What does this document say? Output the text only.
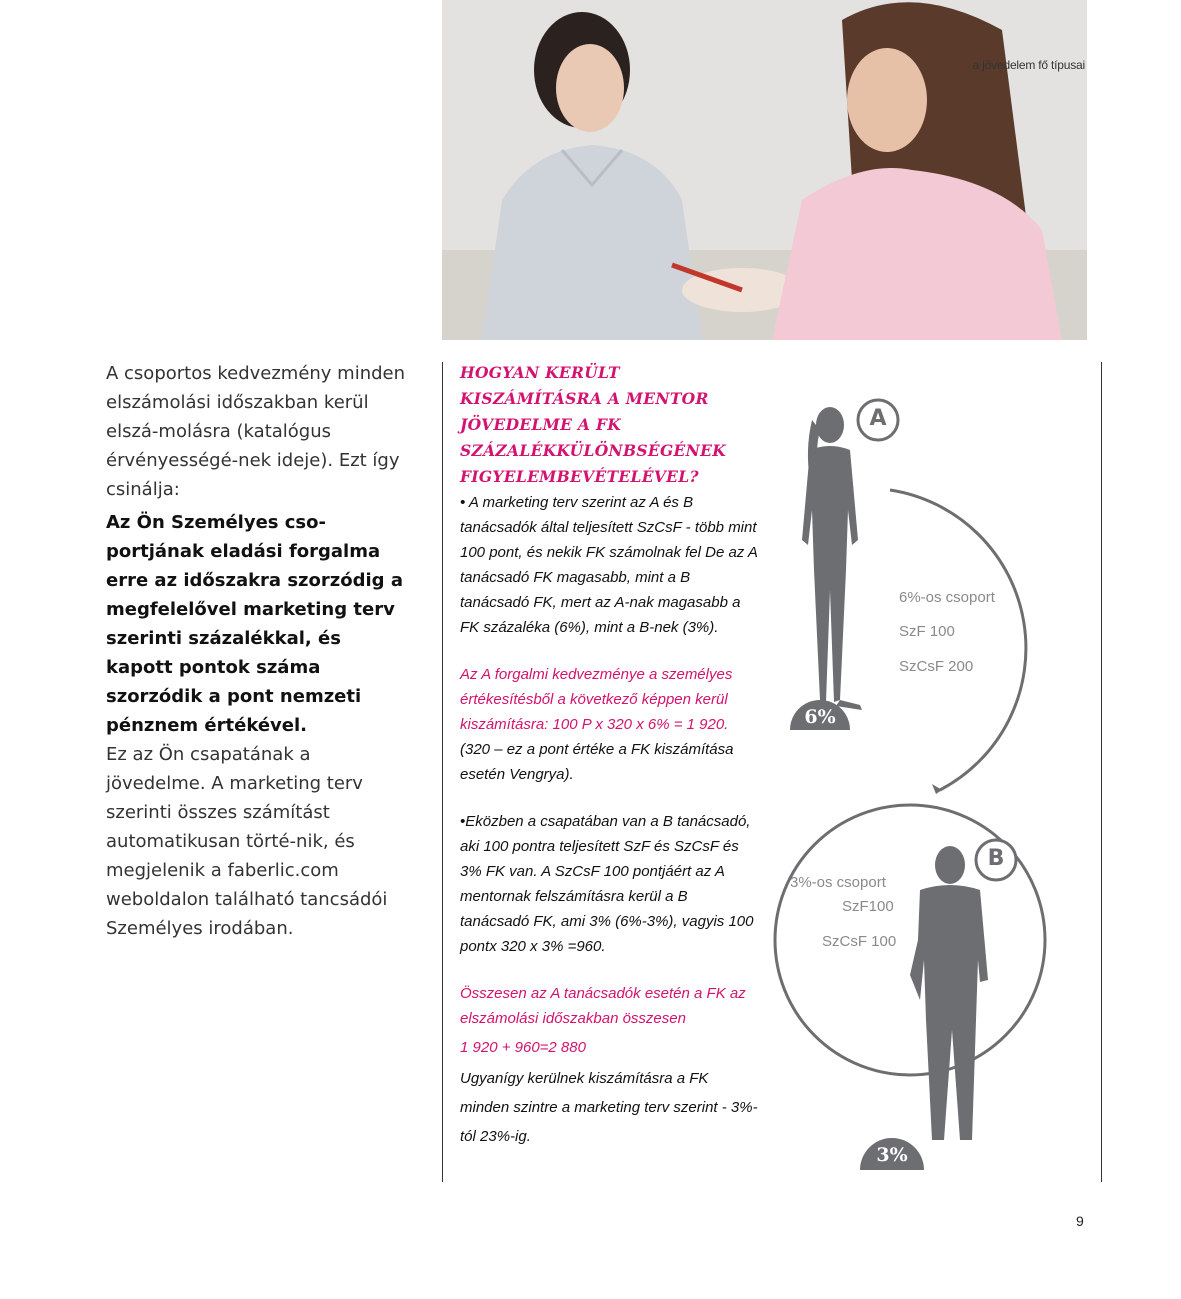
a jövedelem fő típusai

A csoportos kedvezmény minden elszámolási időszakban kerül elszá-molásra (katalógus érvényességé-nek ideje). Ezt így csinálja:

Az Ön Személyes cso-portjának eladási forgalma erre az időszakra szorzódig a megfelelővel marketing terv szerinti százalékkal, és kapott pontok száma szorzódik a pont nemzeti pénznem értékével.

Ez az Ön csapatának a jövedelme. A marketing terv szerinti összes számítást automatikusan törté-nik, és megjelenik a faberlic.com weboldalon található tancsádói Személyes irodában.

HOGYAN KERÜLT KISZÁMÍTÁSRA A MENTOR JÖVEDELME A FK SZÁZALÉKKÜLÖNBSÉGÉNEK FIGYELEMBEVÉTELÉVEL?

• A marketing terv szerint az A és B tanácsadók által teljesített SzCsF - több mint 100 pont, és nekik FK számolnak fel De az A tanácsadó FK magasabb, mint a B tanácsadó FK, mert az A-nak magasabb a FK százaléka (6%), mint a B-nek (3%).

Az A forgalmi kedvezménye a személyes értékesítésből a következő képpen kerül kiszámításra: 100 P x 320 x 6% = 1 920.

(320 – ez a pont értéke a FK kiszámítása esetén Vengrya).

•Eközben a csapatában van a B tanácsadó, aki 100 pontra teljesített SzF és SzCsF és 3% FK van. A SzCsF 100 pontjáért az A mentornak felszámításra kerül a B tanácsadó FK, ami 3% (6%-3%), vagyis 100 pontx 320 x 3% =960.

Összesen az A tanácsadók esetén a FK az elszámolási időszakban összesen

1 920 + 960=2 880

Ugyanígy kerülnek kiszámításra a FK minden szintre a marketing terv szerint - 3%-tól 23%-ig.

A
B
6%
3%
6%-os csoport
SzF 100
SzCsF 200
3%-os csoport
SzF100
SzCsF 100
9
